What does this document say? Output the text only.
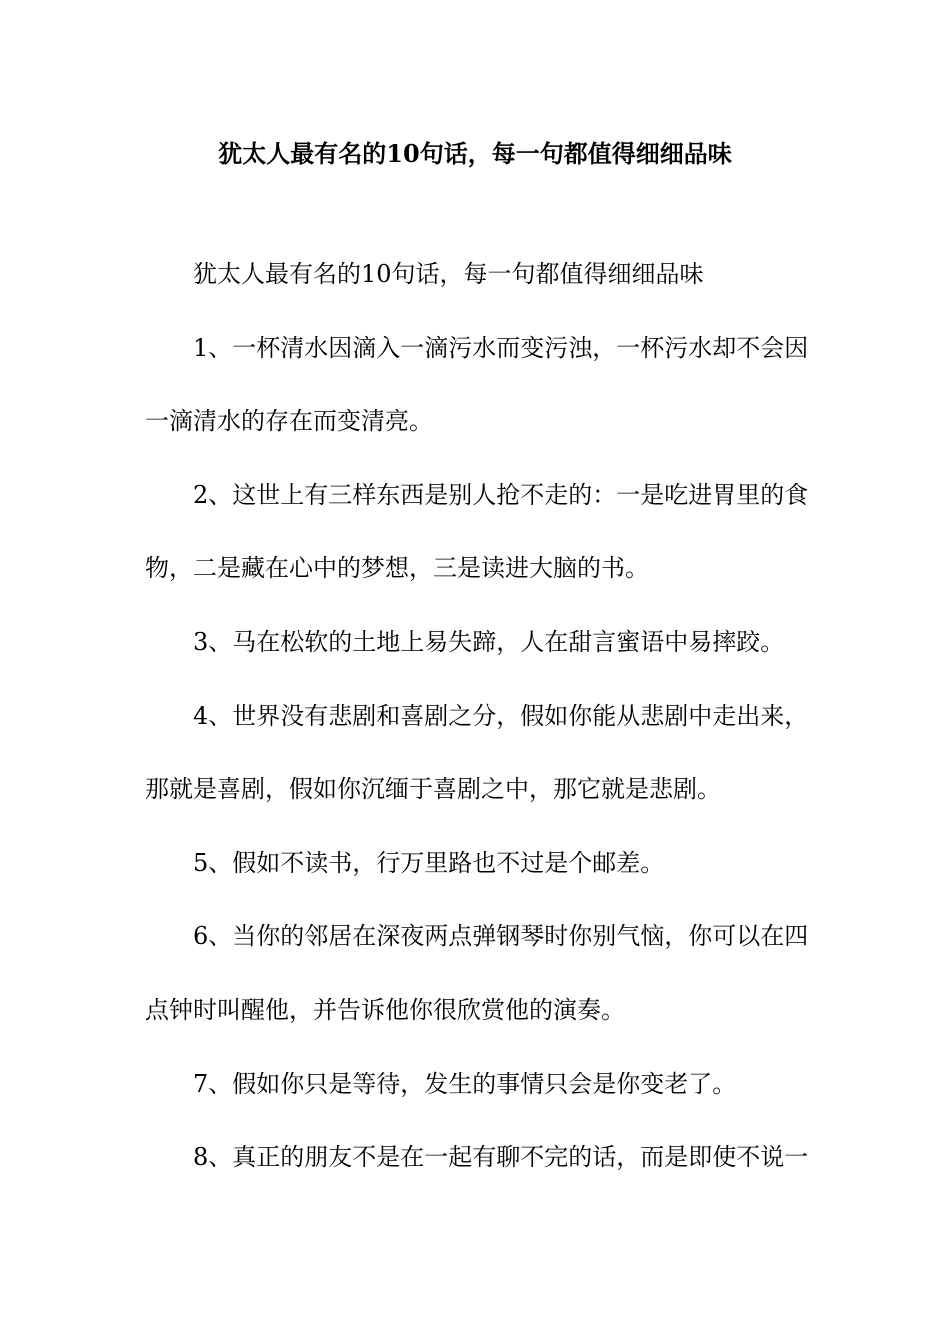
犹太人最有名的10句话，每一句都值得细细品味
犹太人最有名的10句话，每一句都值得细细品味
1、一杯清水因滴入一滴污水而变污浊，一杯污水却不会因
一滴清水的存在而变清亮。
2、这世上有三样东西是别人抢不走的：一是吃进胃里的食
物，二是藏在心中的梦想，三是读进大脑的书。
3、马在松软的土地上易失蹄，人在甜言蜜语中易摔跤。
4、世界没有悲剧和喜剧之分，假如你能从悲剧中走出来，
那就是喜剧，假如你沉缅于喜剧之中，那它就是悲剧。
5、假如不读书，行万里路也不过是个邮差。
6、当你的邻居在深夜两点弹钢琴时你别气恼，你可以在四
点钟时叫醒他，并告诉他你很欣赏他的演奏。
7、假如你只是等待，发生的事情只会是你变老了。
8、真正的朋友不是在一起有聊不完的话，而是即使不说一
